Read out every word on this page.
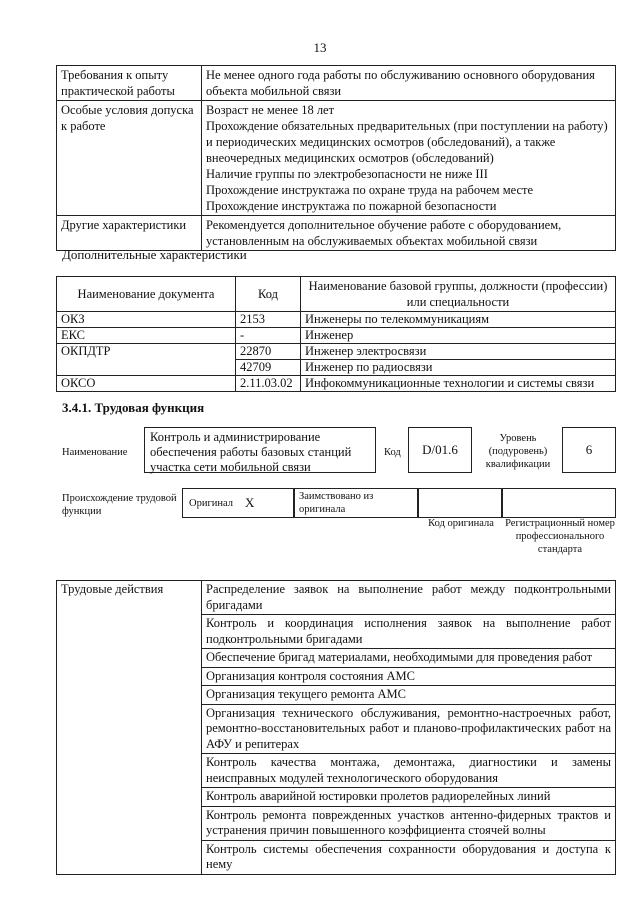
13
Требования к опыту практической работы	Не менее одного года работы по обслуживанию основного оборудования объекта мобильной связи

Особые условия допуска к работе	Возраст не менее 18 лет
Прохождение обязательных предварительных (при поступлении на работу) и периодических медицинских осмотров (обследований), а также внеочередных медицинских осмотров (обследований)
Наличие группы по электробезопасности не ниже III
Прохождение инструктажа по охране труда на рабочем месте
Прохождение инструктажа по пожарной безопасности

Другие характеристики	Рекомендуется дополнительное обучение работе с оборудованием, установленным на обслуживаемых объектах мобильной связи
Дополнительные характеристики
Наименование документа	Код	Наименование базовой группы, должности (профессии) или специальности
ОКЗ	2153	Инженеры по телекоммуникациям
ЕКС	-	Инженер
ОКПДТР	22870	Инженер электросвязи
	42709	Инженер по радиосвязи
ОКСО	2.11.03.02	Инфокоммуникационные технологии и системы связи
3.4.1. Трудовая функция
Наименование
Контроль и администрирование обеспечения работы базовых станций участка сети мобильной связи
Код	D/01.6
Уровень (подуровень) квалификации
6
Происхождение трудовой функции
Оригинал X	Заимствовано из оригинала
Код оригинала	Регистрационный номер профессионального стандарта
Трудовые действия	Распределение заявок на выполнение работ между подконтрольными бригадами
Контроль и координация исполнения заявок на выполнение работ подконтрольными бригадами
Обеспечение бригад материалами, необходимыми для проведения работ
Организация контроля состояния АМС
Организация текущего ремонта АМС
Организация технического обслуживания, ремонтно-настроечных работ, ремонтно-восстановительных работ и планово-профилактических работ на АФУ и репитерах
Контроль качества монтажа, демонтажа, диагностики и замены неисправных модулей технологического оборудования
Контроль аварийной юстировки пролетов радиорелейных линий
Контроль ремонта поврежденных участков антенно-фидерных трактов и устранения причин повышенного коэффициента стоячей волны
Контроль системы обеспечения сохранности оборудования и доступа к нему
